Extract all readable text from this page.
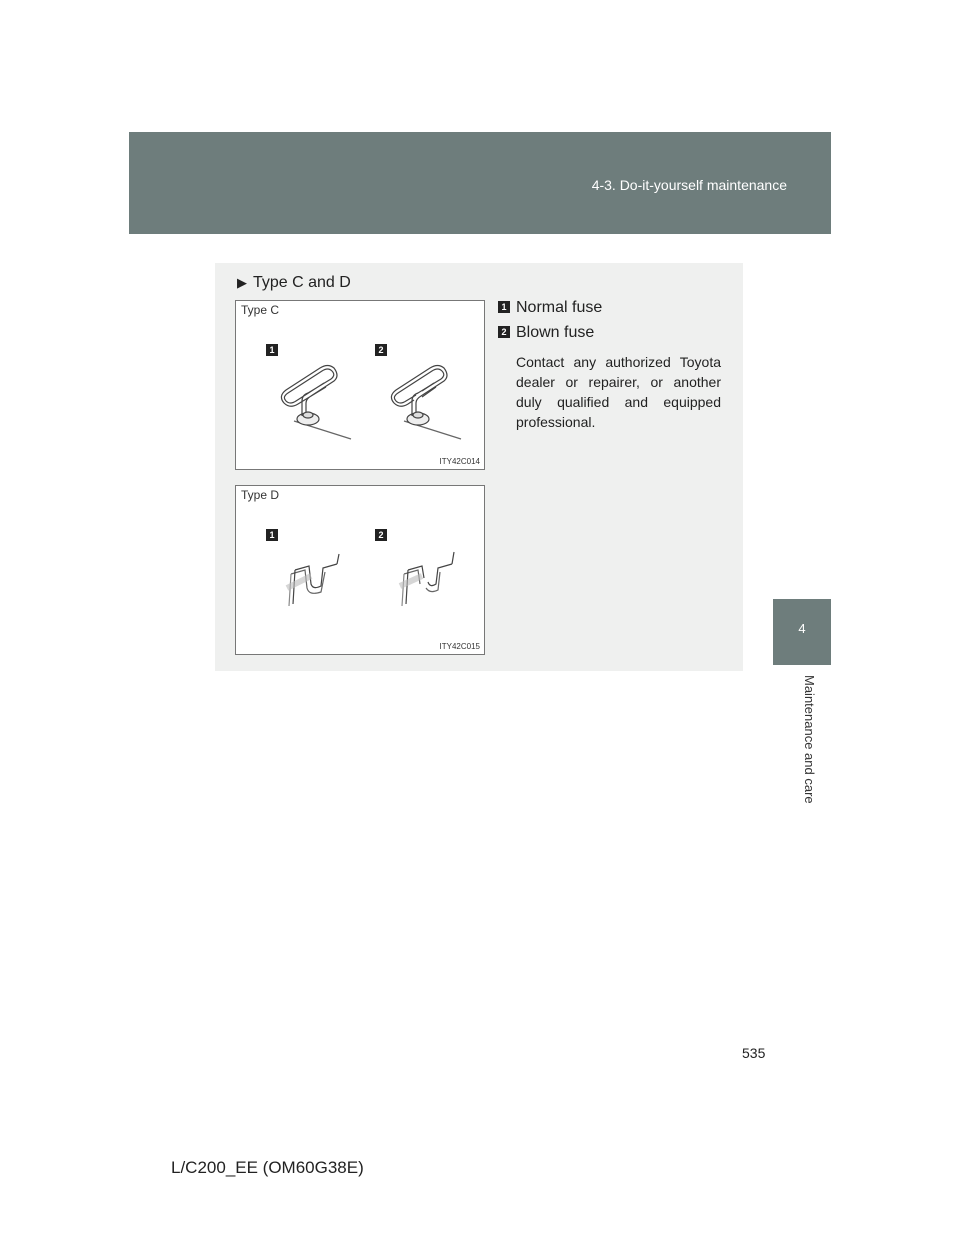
4-3. Do-it-yourself maintenance
4
Maintenance and care
▶ Type C and D
Type C
1	2
ITY42C014
Type D
1	2
ITY42C015
1 Normal fuse
2 Blown fuse
Contact any authorized Toyota dealer or repairer, or another duly qualified and equipped professional.
535
L/C200_EE (OM60G38E)
